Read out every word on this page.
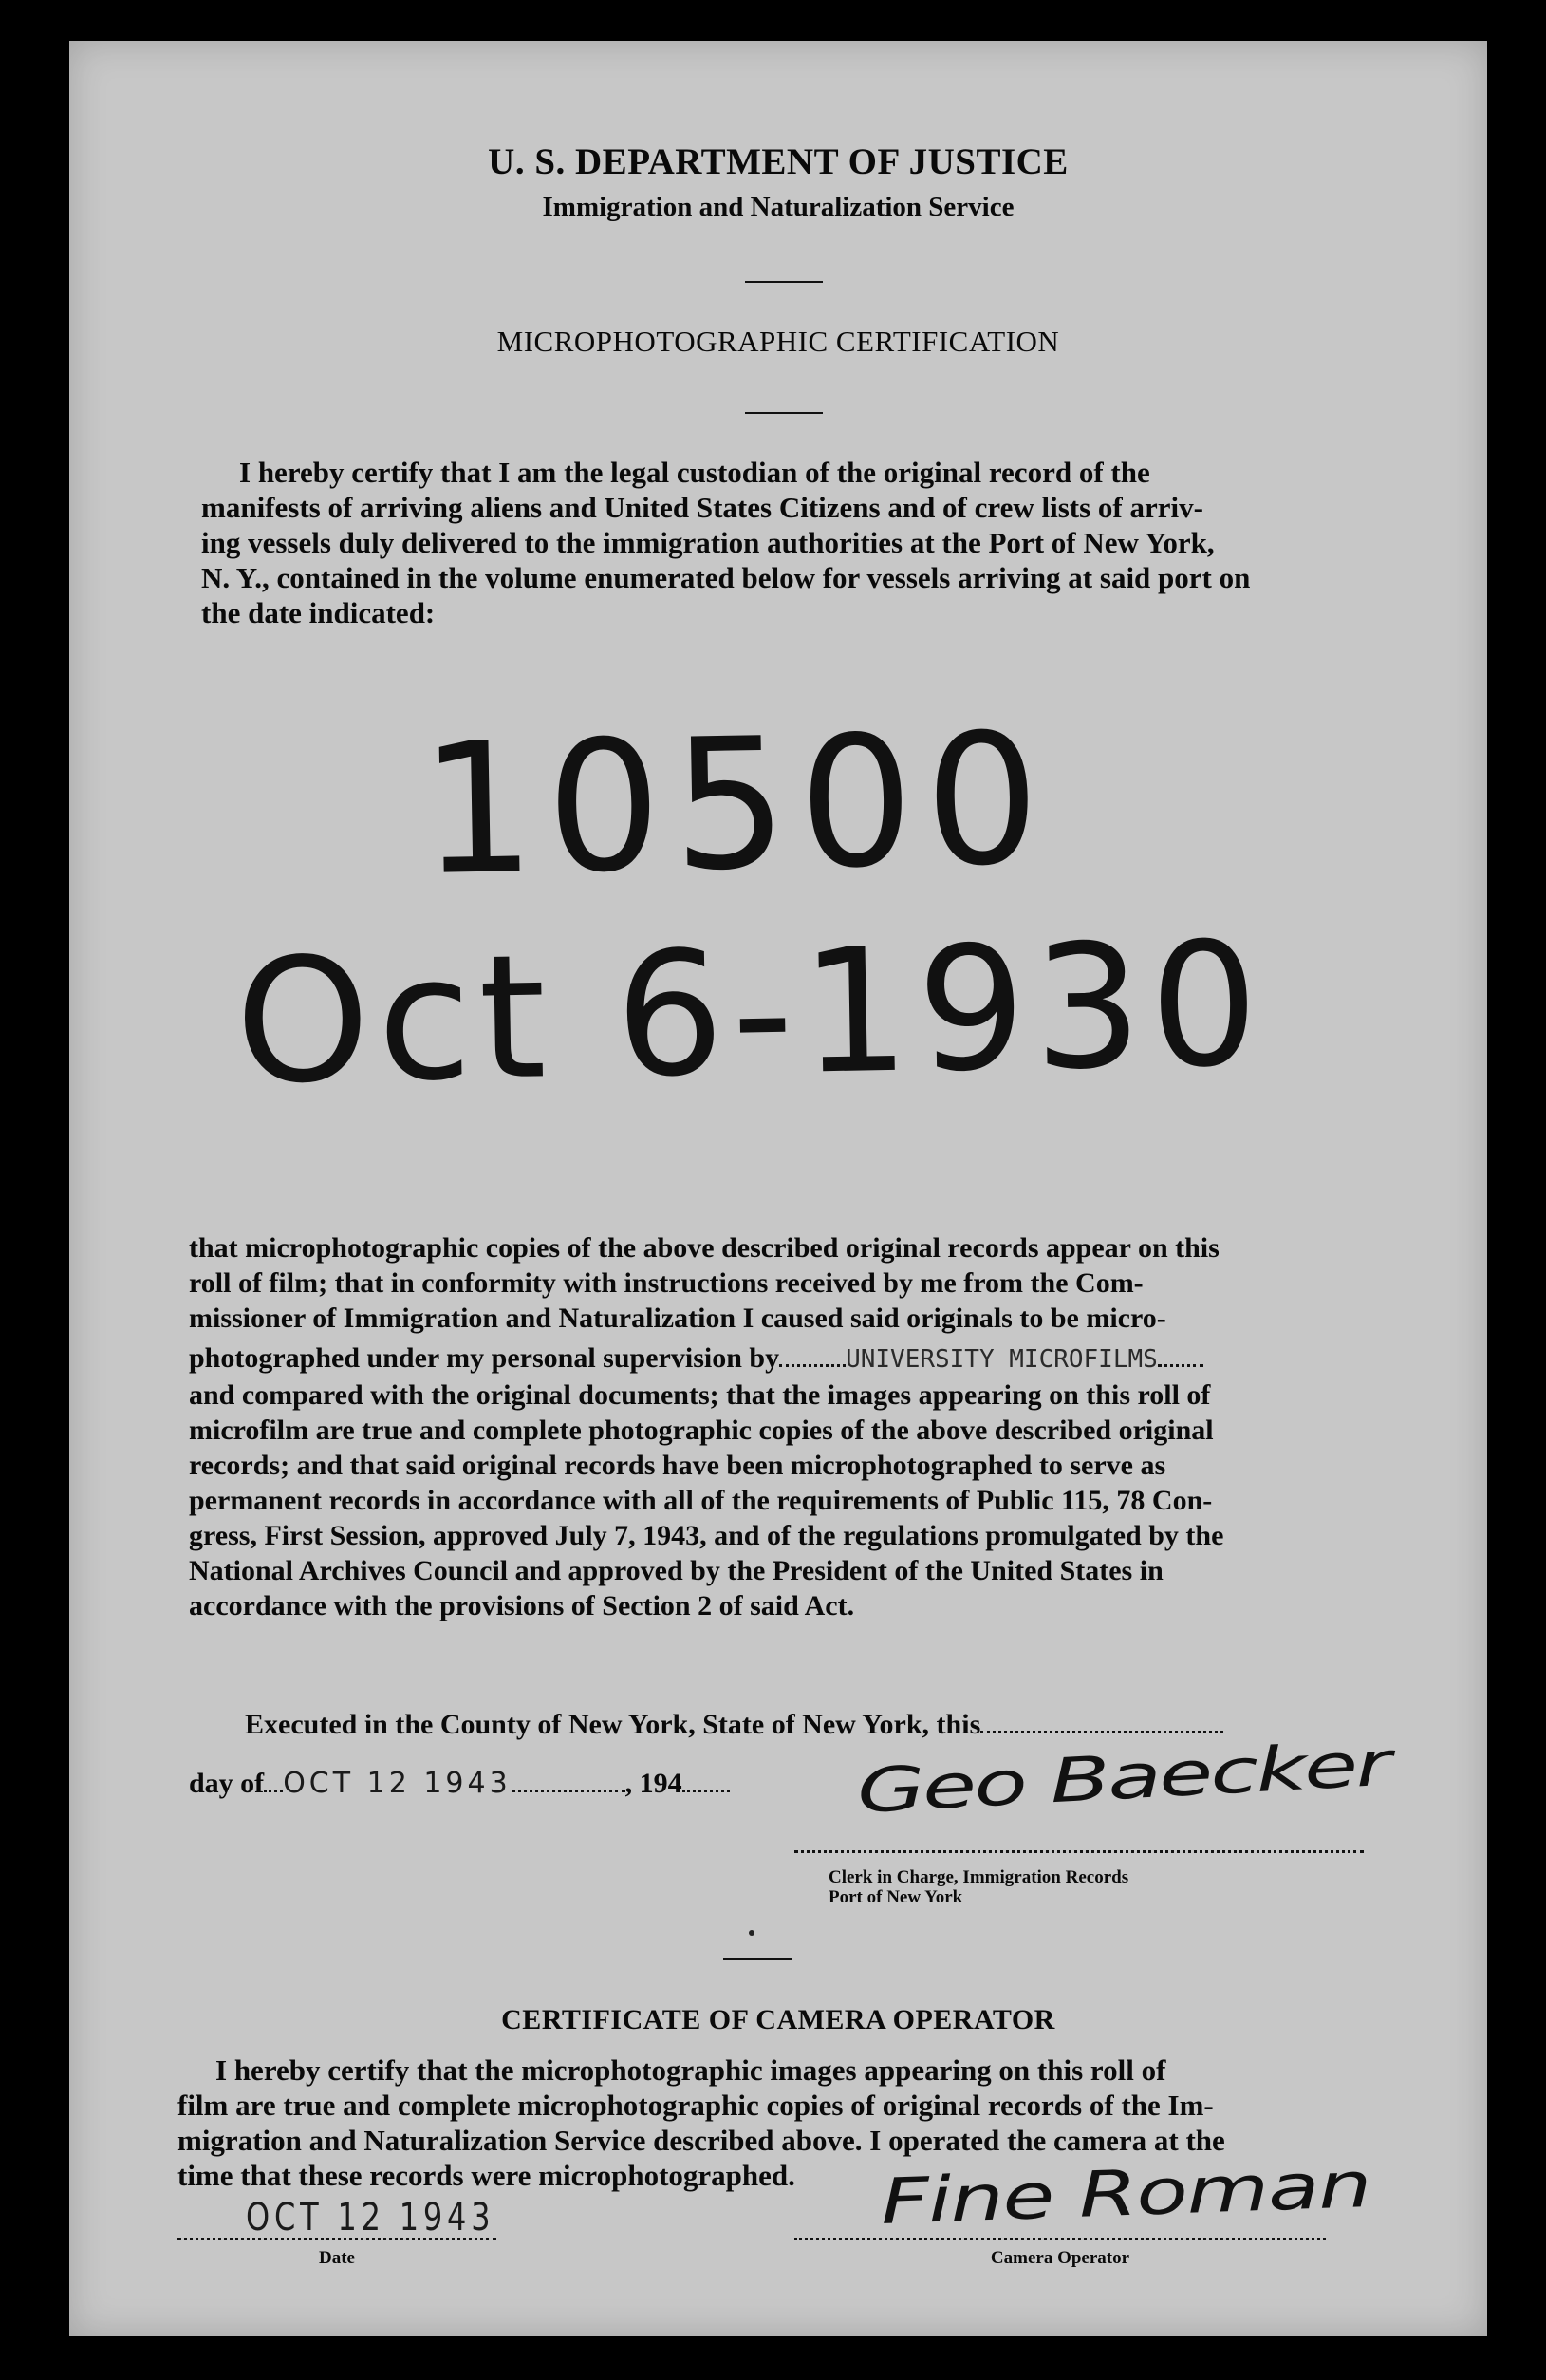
U. S. DEPARTMENT OF JUSTICE
Immigration and Naturalization Service
MICROPHOTOGRAPHIC CERTIFICATION
I hereby certify that I am the legal custodian of the original record of the
manifests of arriving aliens and United States Citizens and of crew lists of arriv-
ing vessels duly delivered to the immigration authorities at the Port of New York,
N. Y., contained in the volume enumerated below for vessels arriving at said port on
the date indicated:
10500
Oct 6-1930
that microphotographic copies of the above described original records appear on this
roll of film; that in conformity with instructions received by me from the Com-
missioner of Immigration and Naturalization I caused said originals to be micro-
photographed under my personal supervision by	UNIVERSITY MICROFILMS
and compared with the original documents; that the images appearing on this roll of
microfilm are true and complete photographic copies of the above described original
records; and that said original records have been microphotographed to serve as
permanent records in accordance with all of the requirements of Public 115, 78 Con-
gress, First Session, approved July 7, 1943, and of the regulations promulgated by the
National Archives Council and approved by the President of the United States in
accordance with the provisions of Section 2 of said Act.
Executed in the County of New York, State of New York, this
day of OCT 12 1943	, 194	Geo Baecker
Clerk in Charge, Immigration Records
Port of New York
CERTIFICATE OF CAMERA OPERATOR
I hereby certify that the microphotographic images appearing on this roll of
film are true and complete microphotographic copies of original records of the Im-
migration and Naturalization Service described above. I operated the camera at the
time that these records were microphotographed.
OCT 12 1943
Date
Fine Roman
Camera Operator
